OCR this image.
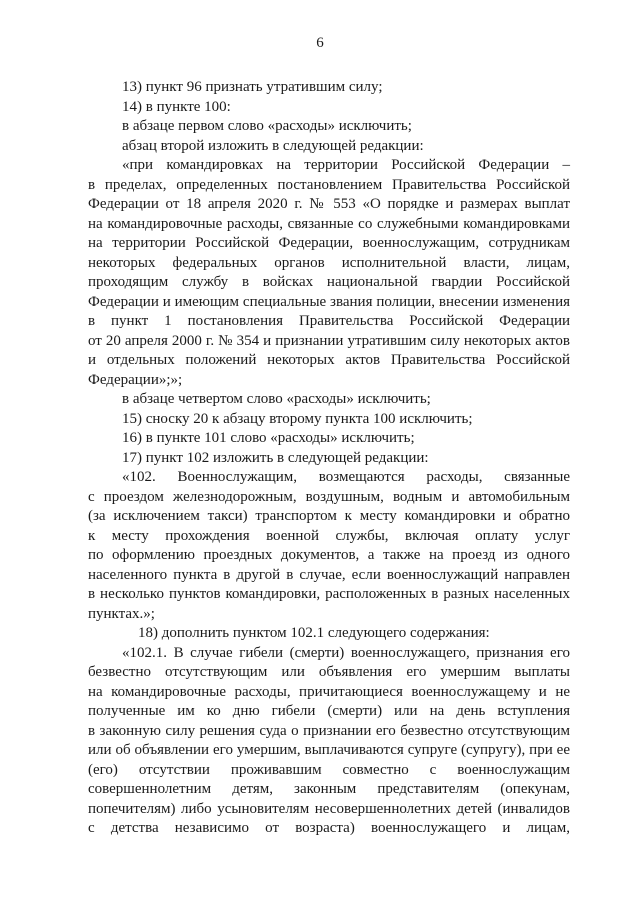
6
13) пункт 96 признать утратившим силу;
14) в пункте 100:
в абзаце первом слово «расходы» исключить;
абзац второй изложить в следующей редакции:
«при командировках на территории Российской Федерации –
в пределах, определенных постановлением Правительства Российской
Федерации от 18 апреля 2020 г. № 553 «О порядке и размерах выплат
на командировочные расходы, связанные со служебными командировками
на территории Российской Федерации, военнослужащим, сотрудникам
некоторых федеральных органов исполнительной власти, лицам,
проходящим службу в войсках национальной гвардии Российской
Федерации и имеющим специальные звания полиции, внесении изменения
в пункт 1 постановления Правительства Российской Федерации
от 20 апреля 2000 г. № 354 и признании утратившим силу некоторых актов
и отдельных положений некоторых актов Правительства Российской
Федерации»;»;
в абзаце четвертом слово «расходы» исключить;
15) сноску 20 к абзацу второму пункта 100 исключить;
16) в пункте 101 слово «расходы» исключить;
17) пункт 102 изложить в следующей редакции:
«102. Военнослужащим, возмещаются расходы, связанные
с проездом железнодорожным, воздушным, водным и автомобильным
(за исключением такси) транспортом к месту командировки и обратно
к месту прохождения военной службы, включая оплату услуг
по оформлению проездных документов, а также на проезд из одного
населенного пункта в другой в случае, если военнослужащий направлен
в несколько пунктов командировки, расположенных в разных населенных
пунктах.»;
18) дополнить пунктом 102.1 следующего содержания:
«102.1. В случае гибели (смерти) военнослужащего, признания его
безвестно отсутствующим или объявления его умершим выплаты
на командировочные расходы, причитающиеся военнослужащему и не
полученные им ко дню гибели (смерти) или на день вступления
в законную силу решения суда о признании его безвестно отсутствующим
или об объявлении его умершим, выплачиваются супруге (супругу), при ее
(его) отсутствии проживавшим совместно с военнослужащим
совершеннолетним детям, законным представителям (опекунам,
попечителям) либо усыновителям несовершеннолетних детей (инвалидов
с детства независимо от возраста) военнослужащего и лицам,
